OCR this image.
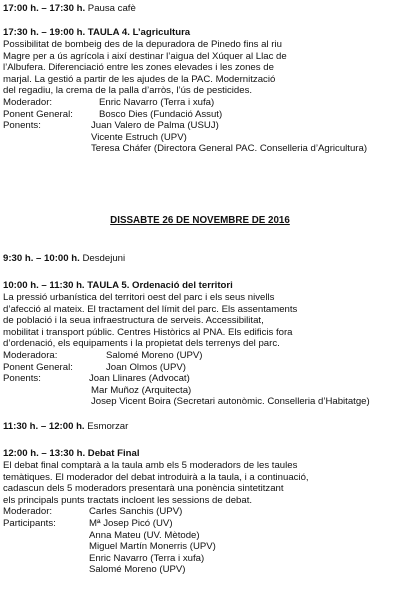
17:00 h. – 17:30 h. Pausa cafè
17:30 h. – 19:00 h. TAULA 4. L’agricultura
Possibilitat de bombeig des de la depuradora de Pinedo fins al riu
Magre per a ús agrícola i així destinar l’aigua del Xúquer al Llac de
l’Albufera. Diferenciació entre les zones elevades i les zones de
marjal. La gestió a partir de les ajudes de la PAC. Modernització
del regadiu, la crema de la palla d’arròs, l’ús de pesticides.
Moderador:	Enric Navarro (Terra i xufa)
Ponent General:	Bosco Dies (Fundació Assut)
Ponents:	Juan Valero de Palma (USUJ)
Vicente Estruch (UPV)
Teresa Cháfer (Directora General PAC. Conselleria d’Agricultura)
DISSABTE 26 DE NOVEMBRE DE 2016
9:30 h. – 10:00 h. Desdejuni
10:00 h. – 11:30 h. TAULA 5. Ordenació del territori
La pressió urbanística del territori oest del parc i els seus nivells
d’afecció al mateix. El tractament del límit del parc. Els assentaments
de població i la seua infraestructura de serveis. Accessibilitat,
mobilitat i transport públic. Centres Històrics al PNA. Els edificis fora
d’ordenació, els equipaments i la propietat dels terrenys del parc.
Moderadora:	Salomé Moreno (UPV)
Ponent General:	Joan Olmos (UPV)
Ponents:	Joan Llinares (Advocat)
Mar Muñoz (Arquitecta)
Josep Vicent Boira (Secretari autonòmic. Conselleria d’Habitatge)
11:30 h. – 12:00 h. Esmorzar
12:00 h. – 13:30 h. Debat Final
El debat final comptarà a la taula amb els 5 moderadors de les taules
temàtiques. El moderador del debat introduirà a la taula, i a continuació,
cadascun dels 5 moderadors presentarà una ponència sintetitzant
els principals punts tractats incloent les sessions de debat.
Moderador:	Carles Sanchis (UPV)
Participants:	Mª Josep Picó (UV)
Anna Mateu (UV. Mètode)
Miguel Martín Monerris (UPV)
Enric Navarro (Terra i xufa)
Salomé Moreno (UPV)
